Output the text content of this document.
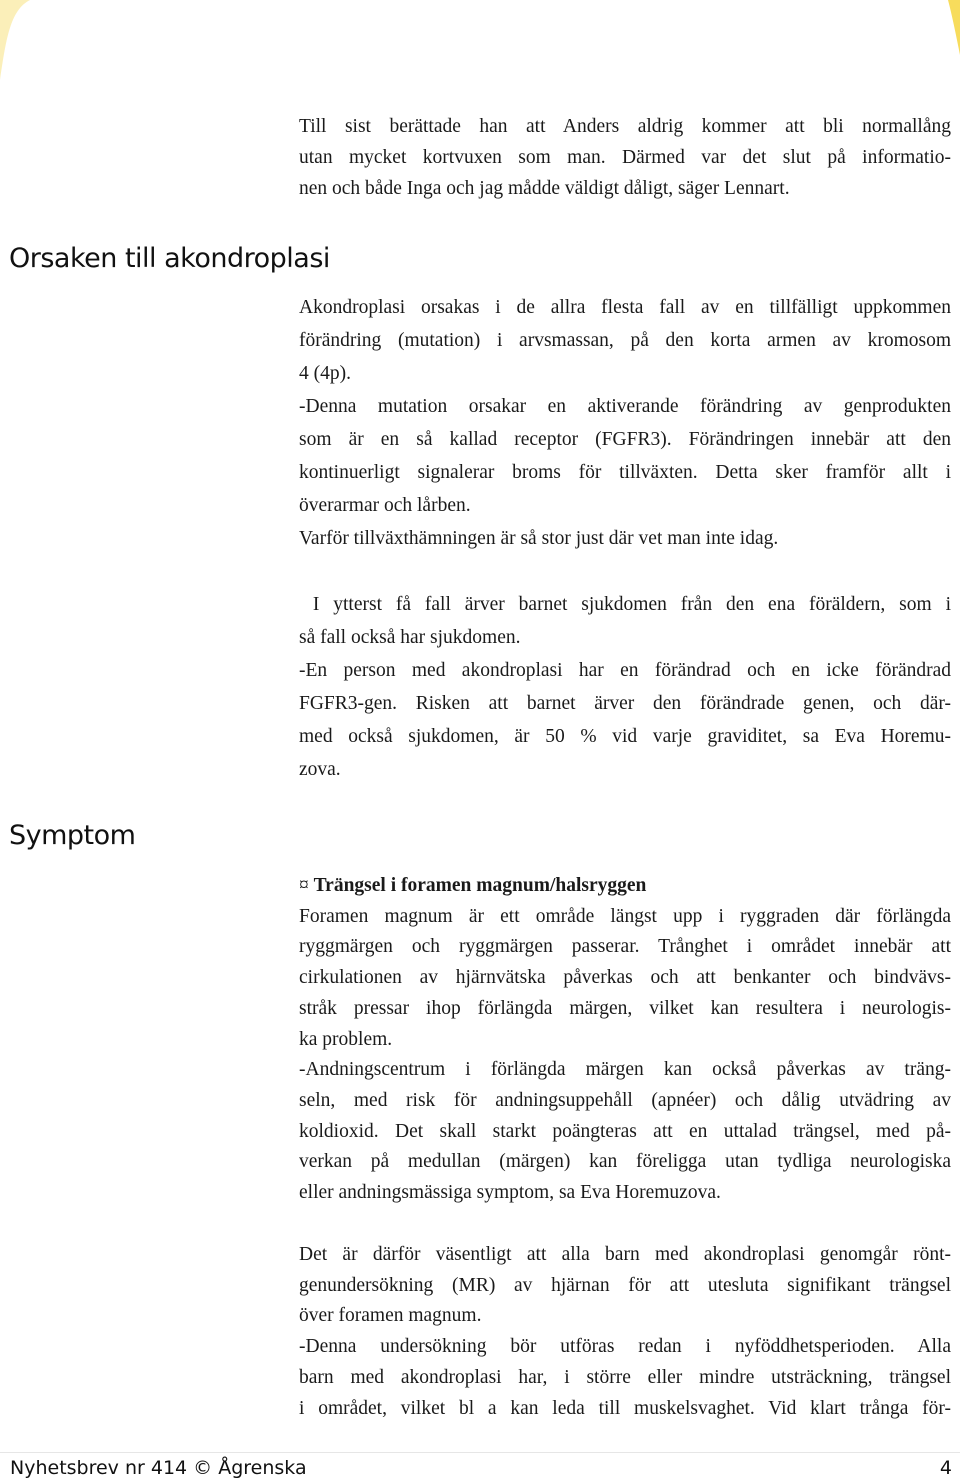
Till sist berättade han att Anders aldrig kommer att bli normallång
utan mycket kortvuxen som man. Därmed var det slut på informatio-
nen och både Inga och jag mådde väldigt dåligt, säger Lennart.
Orsaken till akondroplasi
Akondroplasi orsakas i de allra flesta fall av en tillfälligt uppkommen
förändring (mutation) i arvsmassan, på den korta armen av kromosom
4 (4p).
-Denna mutation orsakar en aktiverande förändring av genprodukten
som är en så kallad receptor (FGFR3). Förändringen innebär att den
kontinuerligt signalerar broms för tillväxten. Detta sker framför allt i
överarmar och lårben.
Varför tillväxthämningen är så stor just där vet man inte idag.
I ytterst få fall ärver barnet sjukdomen från den ena föräldern, som i
så fall också har sjukdomen.
-En person med akondroplasi har en förändrad och en icke förändrad
FGFR3-gen. Risken att barnet ärver den förändrade genen, och där-
med också sjukdomen, är 50 % vid varje graviditet, sa Eva Horemu-
zova.
Symptom
¤ Trängsel i foramen magnum/halsryggen
Foramen magnum är ett område längst upp i ryggraden där förlängda
ryggmärgen och ryggmärgen passerar. Trånghet i området innebär att
cirkulationen av hjärnvätska påverkas och att benkanter och bindvävs-
stråk pressar ihop förlängda märgen, vilket kan resultera i neurologis-
ka problem.
-Andningscentrum i förlängda märgen kan också påverkas av träng-
seln, med risk för andningsuppehåll (apnéer) och dålig utvädring av
koldioxid. Det skall starkt poängteras att en uttalad trängsel, med på-
verkan på medullan (märgen) kan föreligga utan tydliga neurologiska
eller andningsmässiga symptom, sa Eva Horemuzova.
Det är därför väsentligt att alla barn med akondroplasi genomgår rönt-
genundersökning (MR) av hjärnan för att utesluta signifikant trängsel
över foramen magnum.
-Denna undersökning bör utföras redan i nyföddhetsperioden. Alla
barn med akondroplasi har, i större eller mindre utsträckning, trängsel
i området, vilket bl a kan leda till muskelsvaghet. Vid klart trånga för-
Nyhetsbrev nr 414 © Ågrenska	4
